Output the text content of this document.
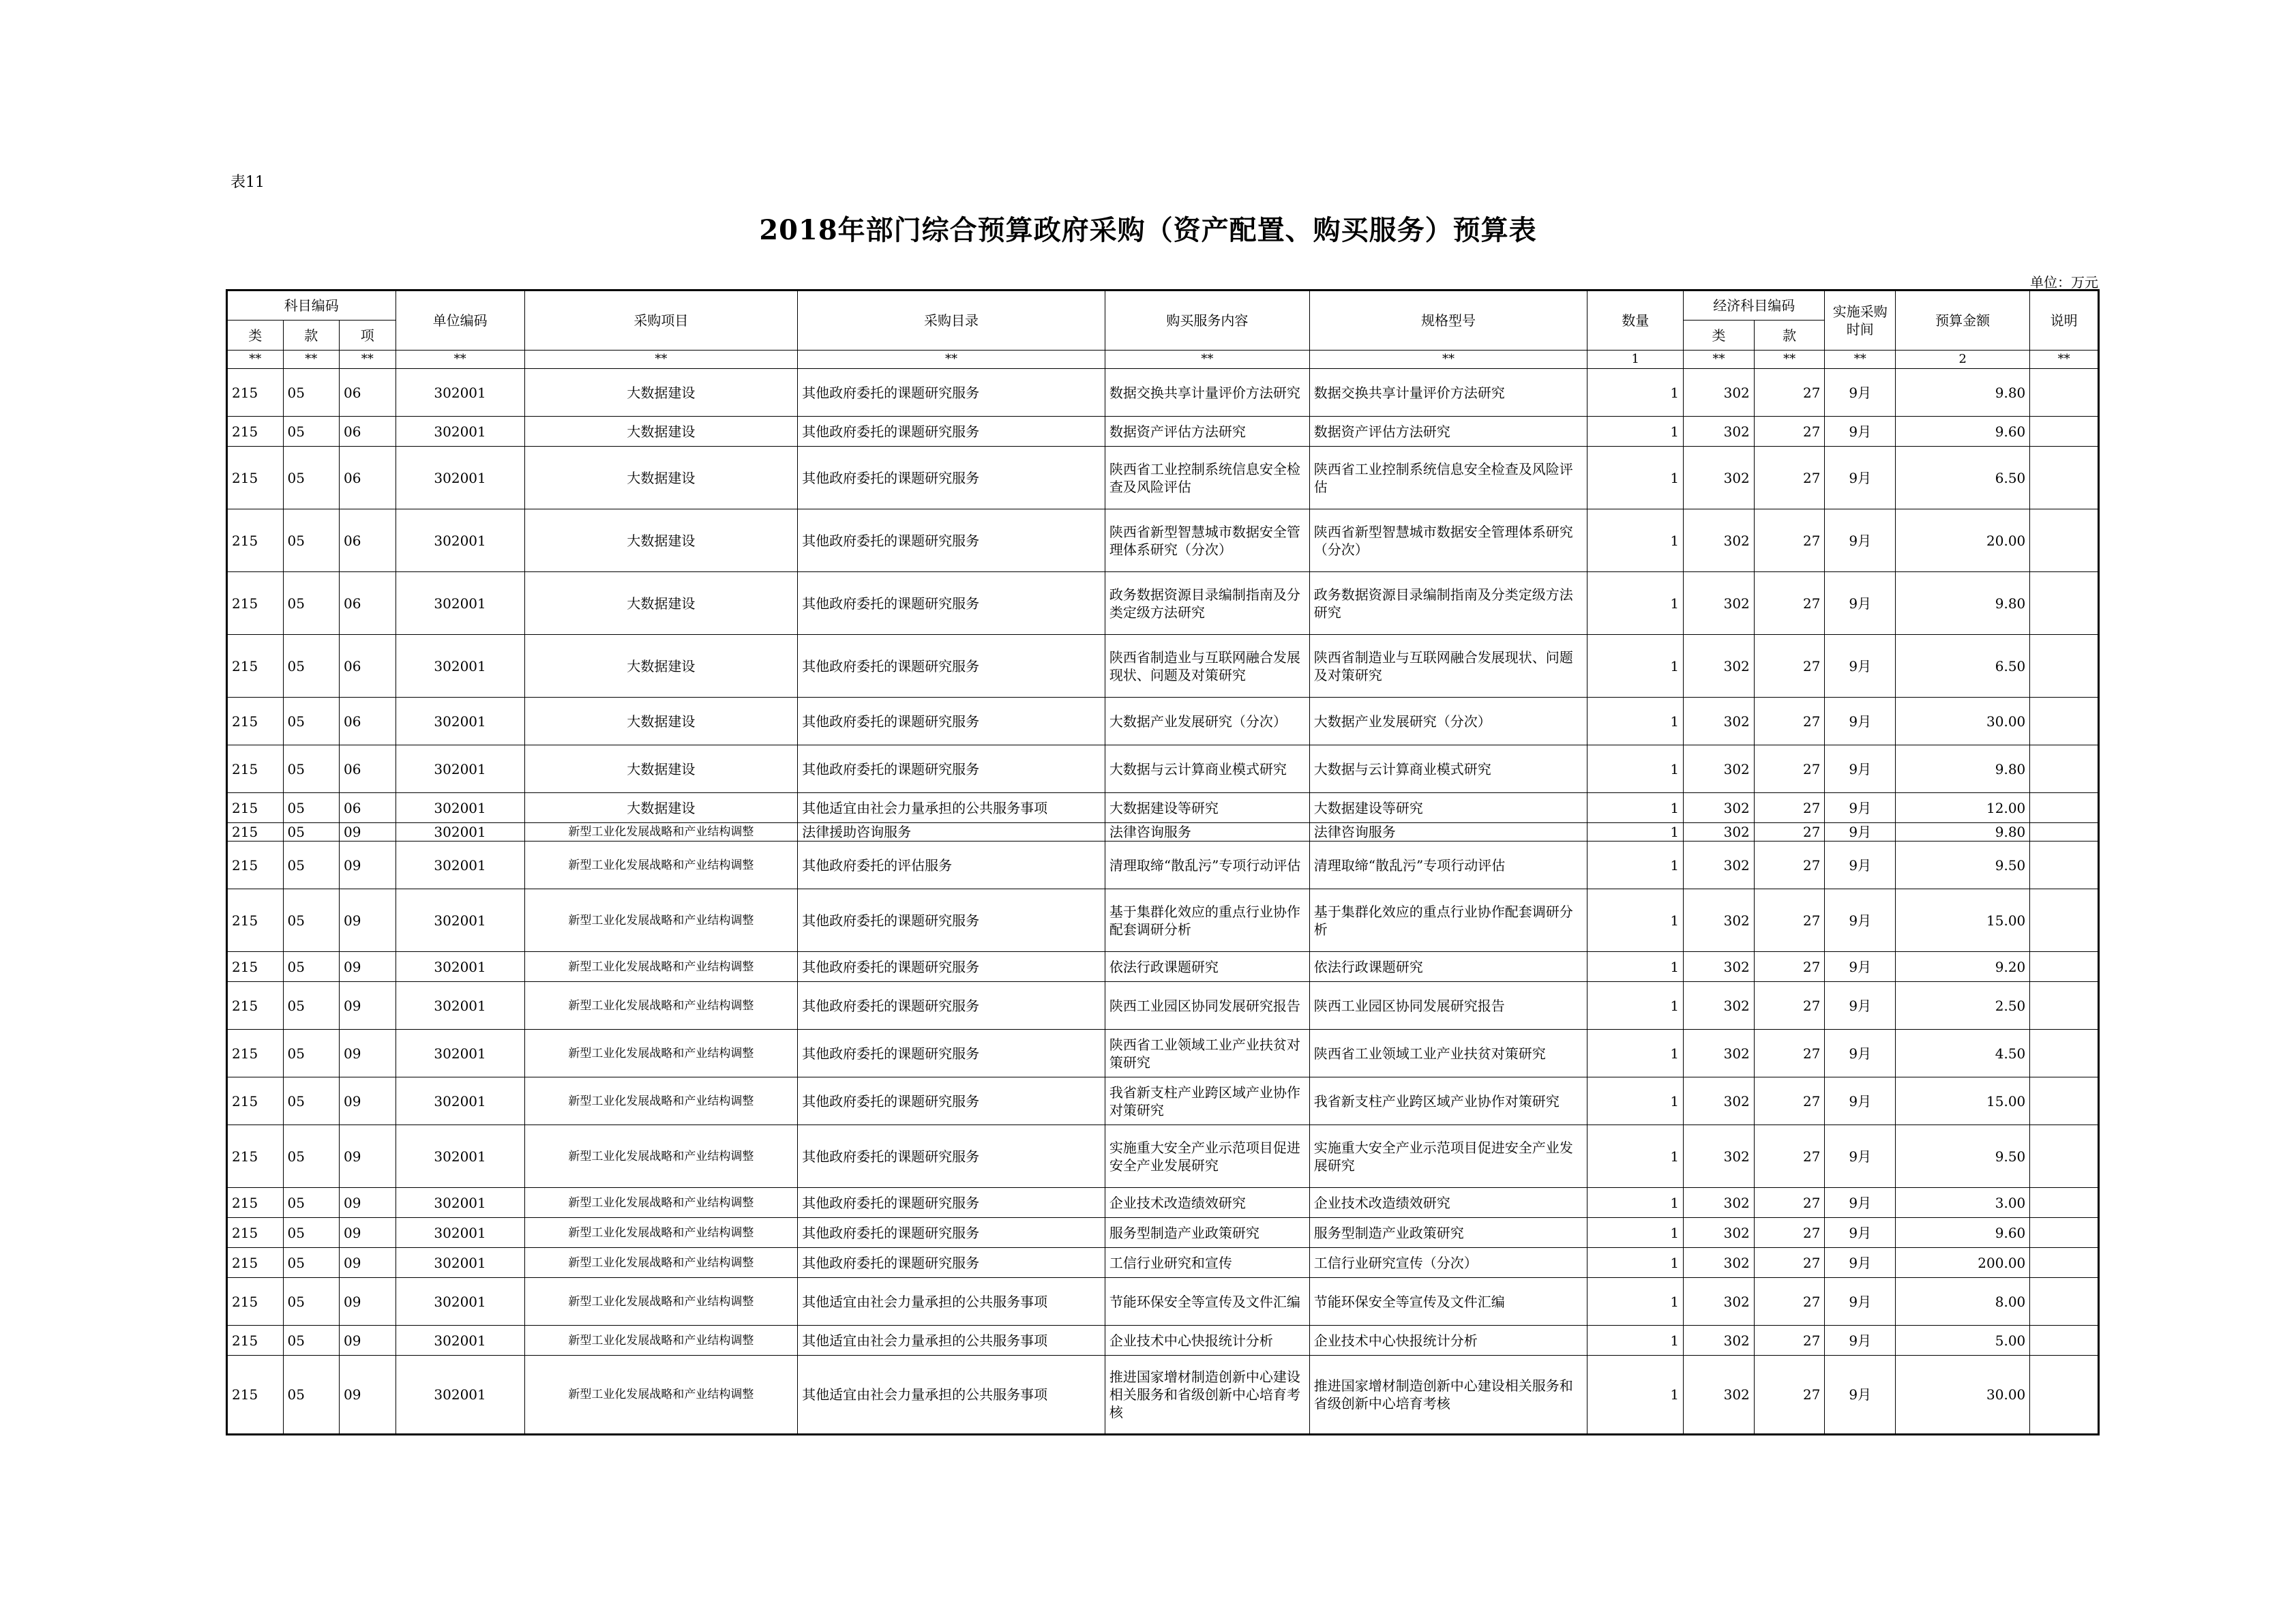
表11
2018年部门综合预算政府采购（资产配置、购买服务）预算表
单位：万元
科目编码			单位编码	采购项目	采购目录	购买服务内容	规格型号	数量	经济科目编码		实施采购时间	预算金额	说明
类	款	项							类	款			
**	**	**	**	**	**	**	**	1	**	**	**	2	**
215	05	06	302001	大数据建设	其他政府委托的课题研究服务	数据交换共享计量评价方法研究	数据交换共享计量评价方法研究	1	302	27	9月	9.80	
215	05	06	302001	大数据建设	其他政府委托的课题研究服务	数据资产评估方法研究	数据资产评估方法研究	1	302	27	9月	9.60	
215	05	06	302001	大数据建设	其他政府委托的课题研究服务	陕西省工业控制系统信息安全检查及风险评估	陕西省工业控制系统信息安全检查及风险评估	1	302	27	9月	6.50	
215	05	06	302001	大数据建设	其他政府委托的课题研究服务	陕西省新型智慧城市数据安全管理体系研究（分次）	陕西省新型智慧城市数据安全管理体系研究（分次）	1	302	27	9月	20.00	
215	05	06	302001	大数据建设	其他政府委托的课题研究服务	政务数据资源目录编制指南及分类定级方法研究	政务数据资源目录编制指南及分类定级方法研究	1	302	27	9月	9.80	
215	05	06	302001	大数据建设	其他政府委托的课题研究服务	陕西省制造业与互联网融合发展现状、问题及对策研究	陕西省制造业与互联网融合发展现状、问题及对策研究	1	302	27	9月	6.50	
215	05	06	302001	大数据建设	其他政府委托的课题研究服务	大数据产业发展研究（分次）	大数据产业发展研究（分次）	1	302	27	9月	30.00	
215	05	06	302001	大数据建设	其他政府委托的课题研究服务	大数据与云计算商业模式研究	大数据与云计算商业模式研究	1	302	27	9月	9.80	
215	05	06	302001	大数据建设	其他适宜由社会力量承担的公共服务事项	大数据建设等研究	大数据建设等研究	1	302	27	9月	12.00	
215	05	09	302001	新型工业化发展战略和产业结构调整	法律援助咨询服务	法律咨询服务	法律咨询服务	1	302	27	9月	9.80	
215	05	09	302001	新型工业化发展战略和产业结构调整	其他政府委托的评估服务	清理取缔“散乱污”专项行动评估	清理取缔“散乱污”专项行动评估	1	302	27	9月	9.50	
215	05	09	302001	新型工业化发展战略和产业结构调整	其他政府委托的课题研究服务	基于集群化效应的重点行业协作配套调研分析	基于集群化效应的重点行业协作配套调研分析	1	302	27	9月	15.00	
215	05	09	302001	新型工业化发展战略和产业结构调整	其他政府委托的课题研究服务	依法行政课题研究	依法行政课题研究	1	302	27	9月	9.20	
215	05	09	302001	新型工业化发展战略和产业结构调整	其他政府委托的课题研究服务	陕西工业园区协同发展研究报告	陕西工业园区协同发展研究报告	1	302	27	9月	2.50	
215	05	09	302001	新型工业化发展战略和产业结构调整	其他政府委托的课题研究服务	陕西省工业领域工业产业扶贫对策研究	陕西省工业领域工业产业扶贫对策研究	1	302	27	9月	4.50	
215	05	09	302001	新型工业化发展战略和产业结构调整	其他政府委托的课题研究服务	我省新支柱产业跨区域产业协作对策研究	我省新支柱产业跨区域产业协作对策研究	1	302	27	9月	15.00	
215	05	09	302001	新型工业化发展战略和产业结构调整	其他政府委托的课题研究服务	实施重大安全产业示范项目促进安全产业发展研究	实施重大安全产业示范项目促进安全产业发展研究	1	302	27	9月	9.50	
215	05	09	302001	新型工业化发展战略和产业结构调整	其他政府委托的课题研究服务	企业技术改造绩效研究	企业技术改造绩效研究	1	302	27	9月	3.00	
215	05	09	302001	新型工业化发展战略和产业结构调整	其他政府委托的课题研究服务	服务型制造产业政策研究	服务型制造产业政策研究	1	302	27	9月	9.60	
215	05	09	302001	新型工业化发展战略和产业结构调整	其他政府委托的课题研究服务	工信行业研究和宣传	工信行业研究宣传（分次）	1	302	27	9月	200.00	
215	05	09	302001	新型工业化发展战略和产业结构调整	其他适宜由社会力量承担的公共服务事项	节能环保安全等宣传及文件汇编	节能环保安全等宣传及文件汇编	1	302	27	9月	8.00	
215	05	09	302001	新型工业化发展战略和产业结构调整	其他适宜由社会力量承担的公共服务事项	企业技术中心快报统计分析	企业技术中心快报统计分析	1	302	27	9月	5.00	
215	05	09	302001	新型工业化发展战略和产业结构调整	其他适宜由社会力量承担的公共服务事项	推进国家增材制造创新中心建设相关服务和省级创新中心培育考核	推进国家增材制造创新中心建设相关服务和省级创新中心培育考核	1	302	27	9月	30.00	
